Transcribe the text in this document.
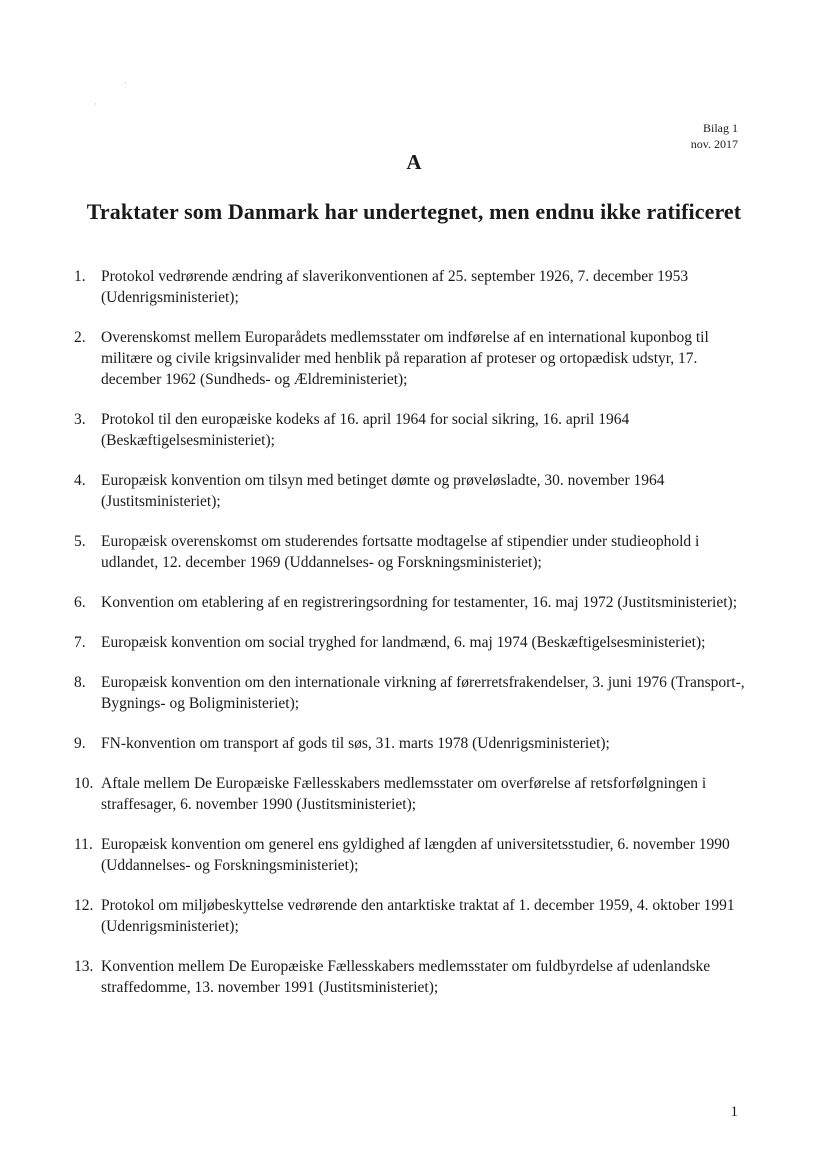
·
·
Bilag 1
nov. 2017
A
Traktater som Danmark har undertegnet, men endnu ikke ratificeret
1. Protokol vedrørende ændring af slaverikonventionen af 25. september 1926, 7. december 1953 (Udenrigsministeriet);
2. Overenskomst mellem Europarådets medlemsstater om indførelse af en international kuponbog til militære og civile krigsinvalider med henblik på reparation af proteser og ortopædisk udstyr, 17. december 1962 (Sundheds- og Ældreministeriet);
3. Protokol til den europæiske kodeks af 16. april 1964 for social sikring, 16. april 1964 (Beskæftigelsesministeriet);
4. Europæisk konvention om tilsyn med betinget dømte og prøveløsladte, 30. november 1964 (Justitsministeriet);
5. Europæisk overenskomst om studerendes fortsatte modtagelse af stipendier under studieophold i udlandet, 12. december 1969 (Uddannelses- og Forskningsministeriet);
6. Konvention om etablering af en registreringsordning for testamenter, 16. maj 1972 (Justitsministeriet);
7. Europæisk konvention om social tryghed for landmænd, 6. maj 1974 (Beskæftigelsesministeriet);
8. Europæisk konvention om den internationale virkning af førerretsfrakendelser, 3. juni 1976 (Transport-, Bygnings- og Boligministeriet);
9. FN-konvention om transport af gods til søs, 31. marts 1978 (Udenrigsministeriet);
10. Aftale mellem De Europæiske Fællesskabers medlemsstater om overførelse af retsforfølgningen i straffesager, 6. november 1990 (Justitsministeriet);
11. Europæisk konvention om generel ens gyldighed af længden af universitetsstudier, 6. november 1990 (Uddannelses- og Forskningsministeriet);
12. Protokol om miljøbeskyttelse vedrørende den antarktiske traktat af 1. december 1959, 4. oktober 1991 (Udenrigsministeriet);
13. Konvention mellem De Europæiske Fællesskabers medlemsstater om fuldbyrdelse af udenlandske straffedomme, 13. november 1991 (Justitsministeriet);
1
